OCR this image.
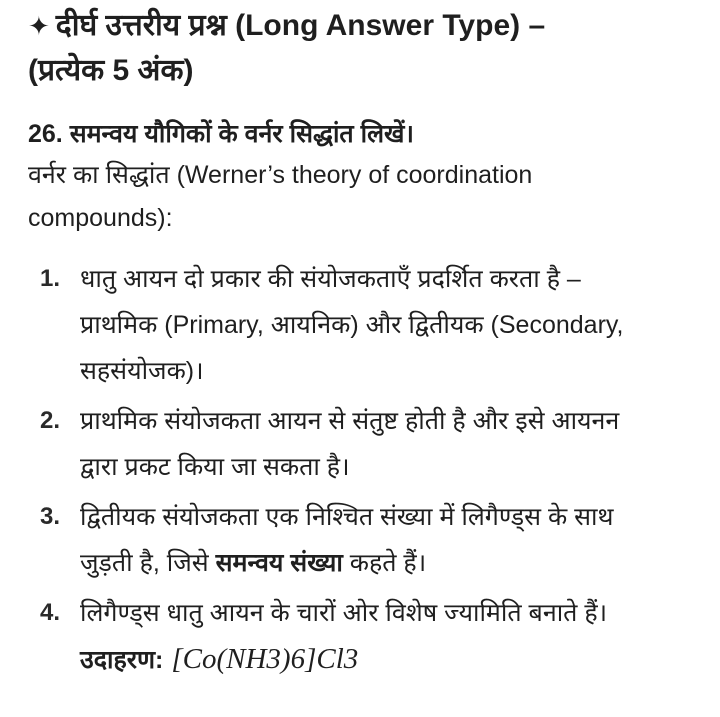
✦ दीर्घ उत्तरीय प्रश्न (Long Answer Type) –
(प्रत्येक 5 अंक)
26. समन्वय यौगिकों के वर्नर सिद्धांत लिखें।
वर्नर का सिद्धांत (Werner’s theory of coordination
compounds):
1. धातु आयन दो प्रकार की संयोजकताएँ प्रदर्शित करता है –
प्राथमिक (Primary, आयनिक) और द्वितीयक (Secondary,
सहसंयोजक)।
2. प्राथमिक संयोजकता आयन से संतुष्ट होती है और इसे आयनन
द्वारा प्रकट किया जा सकता है।
3. द्वितीयक संयोजकता एक निश्चित संख्या में लिगैण्ड्स के साथ
जुड़ती है, जिसे समन्वय संख्या कहते हैं।
4. लिगैण्ड्स धातु आयन के चारों ओर विशेष ज्यामिति बनाते हैं।
उदाहरण: [Co(NH3)6]Cl3
